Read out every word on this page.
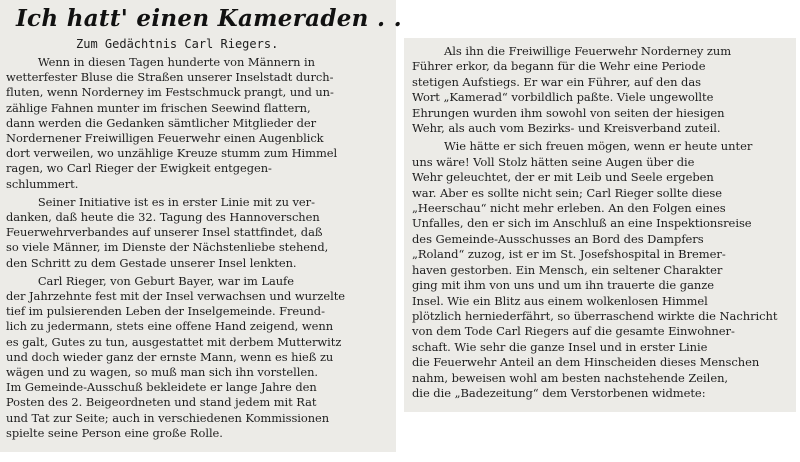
Ich hatt' einen Kameraden . .
Zum Gedächtnis Carl Riegers.
Wenn in diesen Tagen hunderte von Männern in
wetterfester Bluse die Straßen unserer Inselstadt durch-
fluten, wenn Norderney im Festschmuck prangt, und un-
zählige Fahnen munter im frischen Seewind flattern,
dann werden die Gedanken sämtlicher Mitglieder der
Nordernener Freiwilligen Feuerwehr einen Augenblick
dort verweilen, wo unzählige Kreuze stumm zum Himmel
ragen, wo Carl Rieger der Ewigkeit entgegen-
schlummert.
Seiner Initiative ist es in erster Linie mit zu ver-
danken, daß heute die 32. Tagung des Hannoverschen
Feuerwehrverbandes auf unserer Insel stattfindet, daß
so viele Männer, im Dienste der Nächstenliebe stehend,
den Schritt zu dem Gestade unserer Insel lenkten.
Carl Rieger, von Geburt Bayer, war im Laufe
der Jahrzehnte fest mit der Insel verwachsen und wurzelte
tief im pulsierenden Leben der Inselgemeinde. Freund-
lich zu jedermann, stets eine offene Hand zeigend, wenn
es galt, Gutes zu tun, ausgestattet mit derbem Mutterwitz
und doch wieder ganz der ernste Mann, wenn es hieß zu
wägen und zu wagen, so muß man sich ihn vorstellen.
Im Gemeinde-Ausschuß bekleidete er lange Jahre den
Posten des 2. Beigeordneten und stand jedem mit Rat
und Tat zur Seite; auch in verschiedenen Kommissionen
spielte seine Person eine große Rolle.
Als ihn die Freiwillige Feuerwehr Norderney zum
Führer erkor, da begann für die Wehr eine Periode
stetigen Aufstiegs. Er war ein Führer, auf den das
Wort „Kamerad“ vorbildlich paßte. Viele ungewollte
Ehrungen wurden ihm sowohl von seiten der hiesigen
Wehr, als auch vom Bezirks- und Kreisverband zuteil.
Wie hätte er sich freuen mögen, wenn er heute unter
uns wäre! Voll Stolz hätten seine Augen über die
Wehr geleuchtet, der er mit Leib und Seele ergeben
war. Aber es sollte nicht sein; Carl Rieger sollte diese
„Heerschau“ nicht mehr erleben. An den Folgen eines
Unfalles, den er sich im Anschluß an eine Inspektionsreise
des Gemeinde-Ausschusses an Bord des Dampfers
„Roland“ zuzog, ist er im St. Josefshospital in Bremer-
haven gestorben. Ein Mensch, ein seltener Charakter
ging mit ihm von uns und um ihn trauerte die ganze
Insel. Wie ein Blitz aus einem wolkenlosen Himmel
plötzlich herniederfährt, so überraschend wirkte die Nachricht
von dem Tode Carl Riegers auf die gesamte Einwohner-
schaft. Wie sehr die ganze Insel und in erster Linie
die Feuerwehr Anteil an dem Hinscheiden dieses Menschen
nahm, beweisen wohl am besten nachstehende Zeilen,
die die „Badezeitung“ dem Verstorbenen widmete:
